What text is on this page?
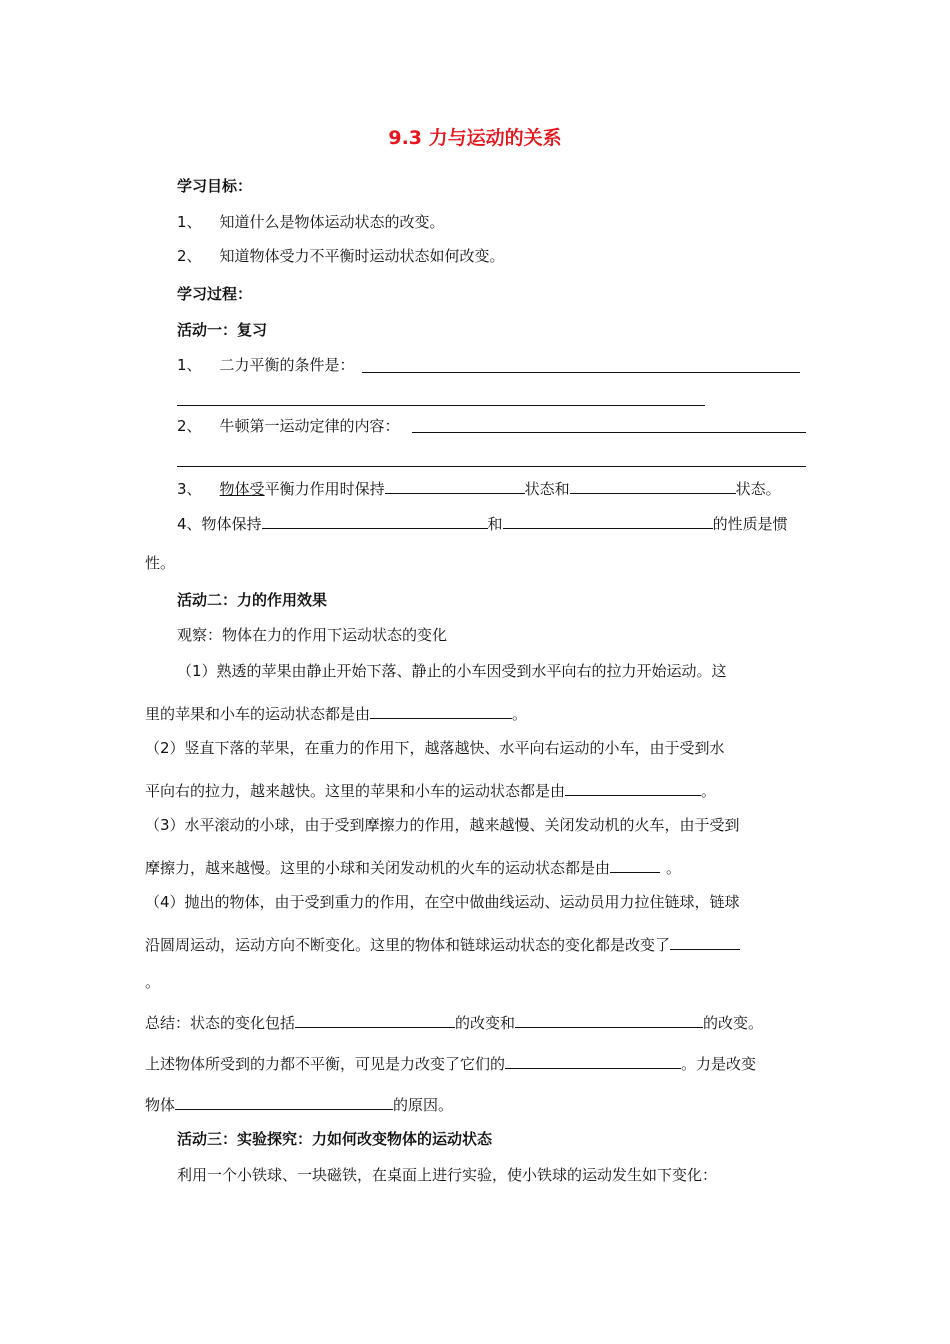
9.3 力与运动的关系
学习目标：
1、 知道什么是物体运动状态的改变。
2、 知道物体受力不平衡时运动状态如何改变。
学习过程：
活动一：复习
1、 二力平衡的条件是：
2、 牛顿第一运动定律的内容：
3、 物体受平衡力作用时保持	状态和	状态。
4、物体保持	和	的性质是惯
性。
活动二：力的作用效果
观察：物体在力的作用下运动状态的变化
（1）熟透的苹果由静止开始下落、静止的小车因受到水平向右的拉力开始运动。这
里的苹果和小车的运动状态都是由	。
（2）竖直下落的苹果，在重力的作用下，越落越快、水平向右运动的小车，由于受到水
平向右的拉力，越来越快。这里的苹果和小车的运动状态都是由	。
（3）水平滚动的小球，由于受到摩擦力的作用，越来越慢、关闭发动机的火车，由于受到
摩擦力，越来越慢。这里的小球和关闭发动机的火车的运动状态都是由	。
（4）抛出的物体，由于受到重力的作用，在空中做曲线运动、运动员用力拉住链球，链球
沿圆周运动，运动方向不断变化。这里的物体和链球运动状态的变化都是改变了
。
总结：状态的变化包括	的改变和	的改变。
上述物体所受到的力都不平衡，可见是力改变了它们的	。力是改变
物体	的原因。
活动三：实验探究：力如何改变物体的运动状态
利用一个小铁球、一块磁铁，在桌面上进行实验，使小铁球的运动发生如下变化：
